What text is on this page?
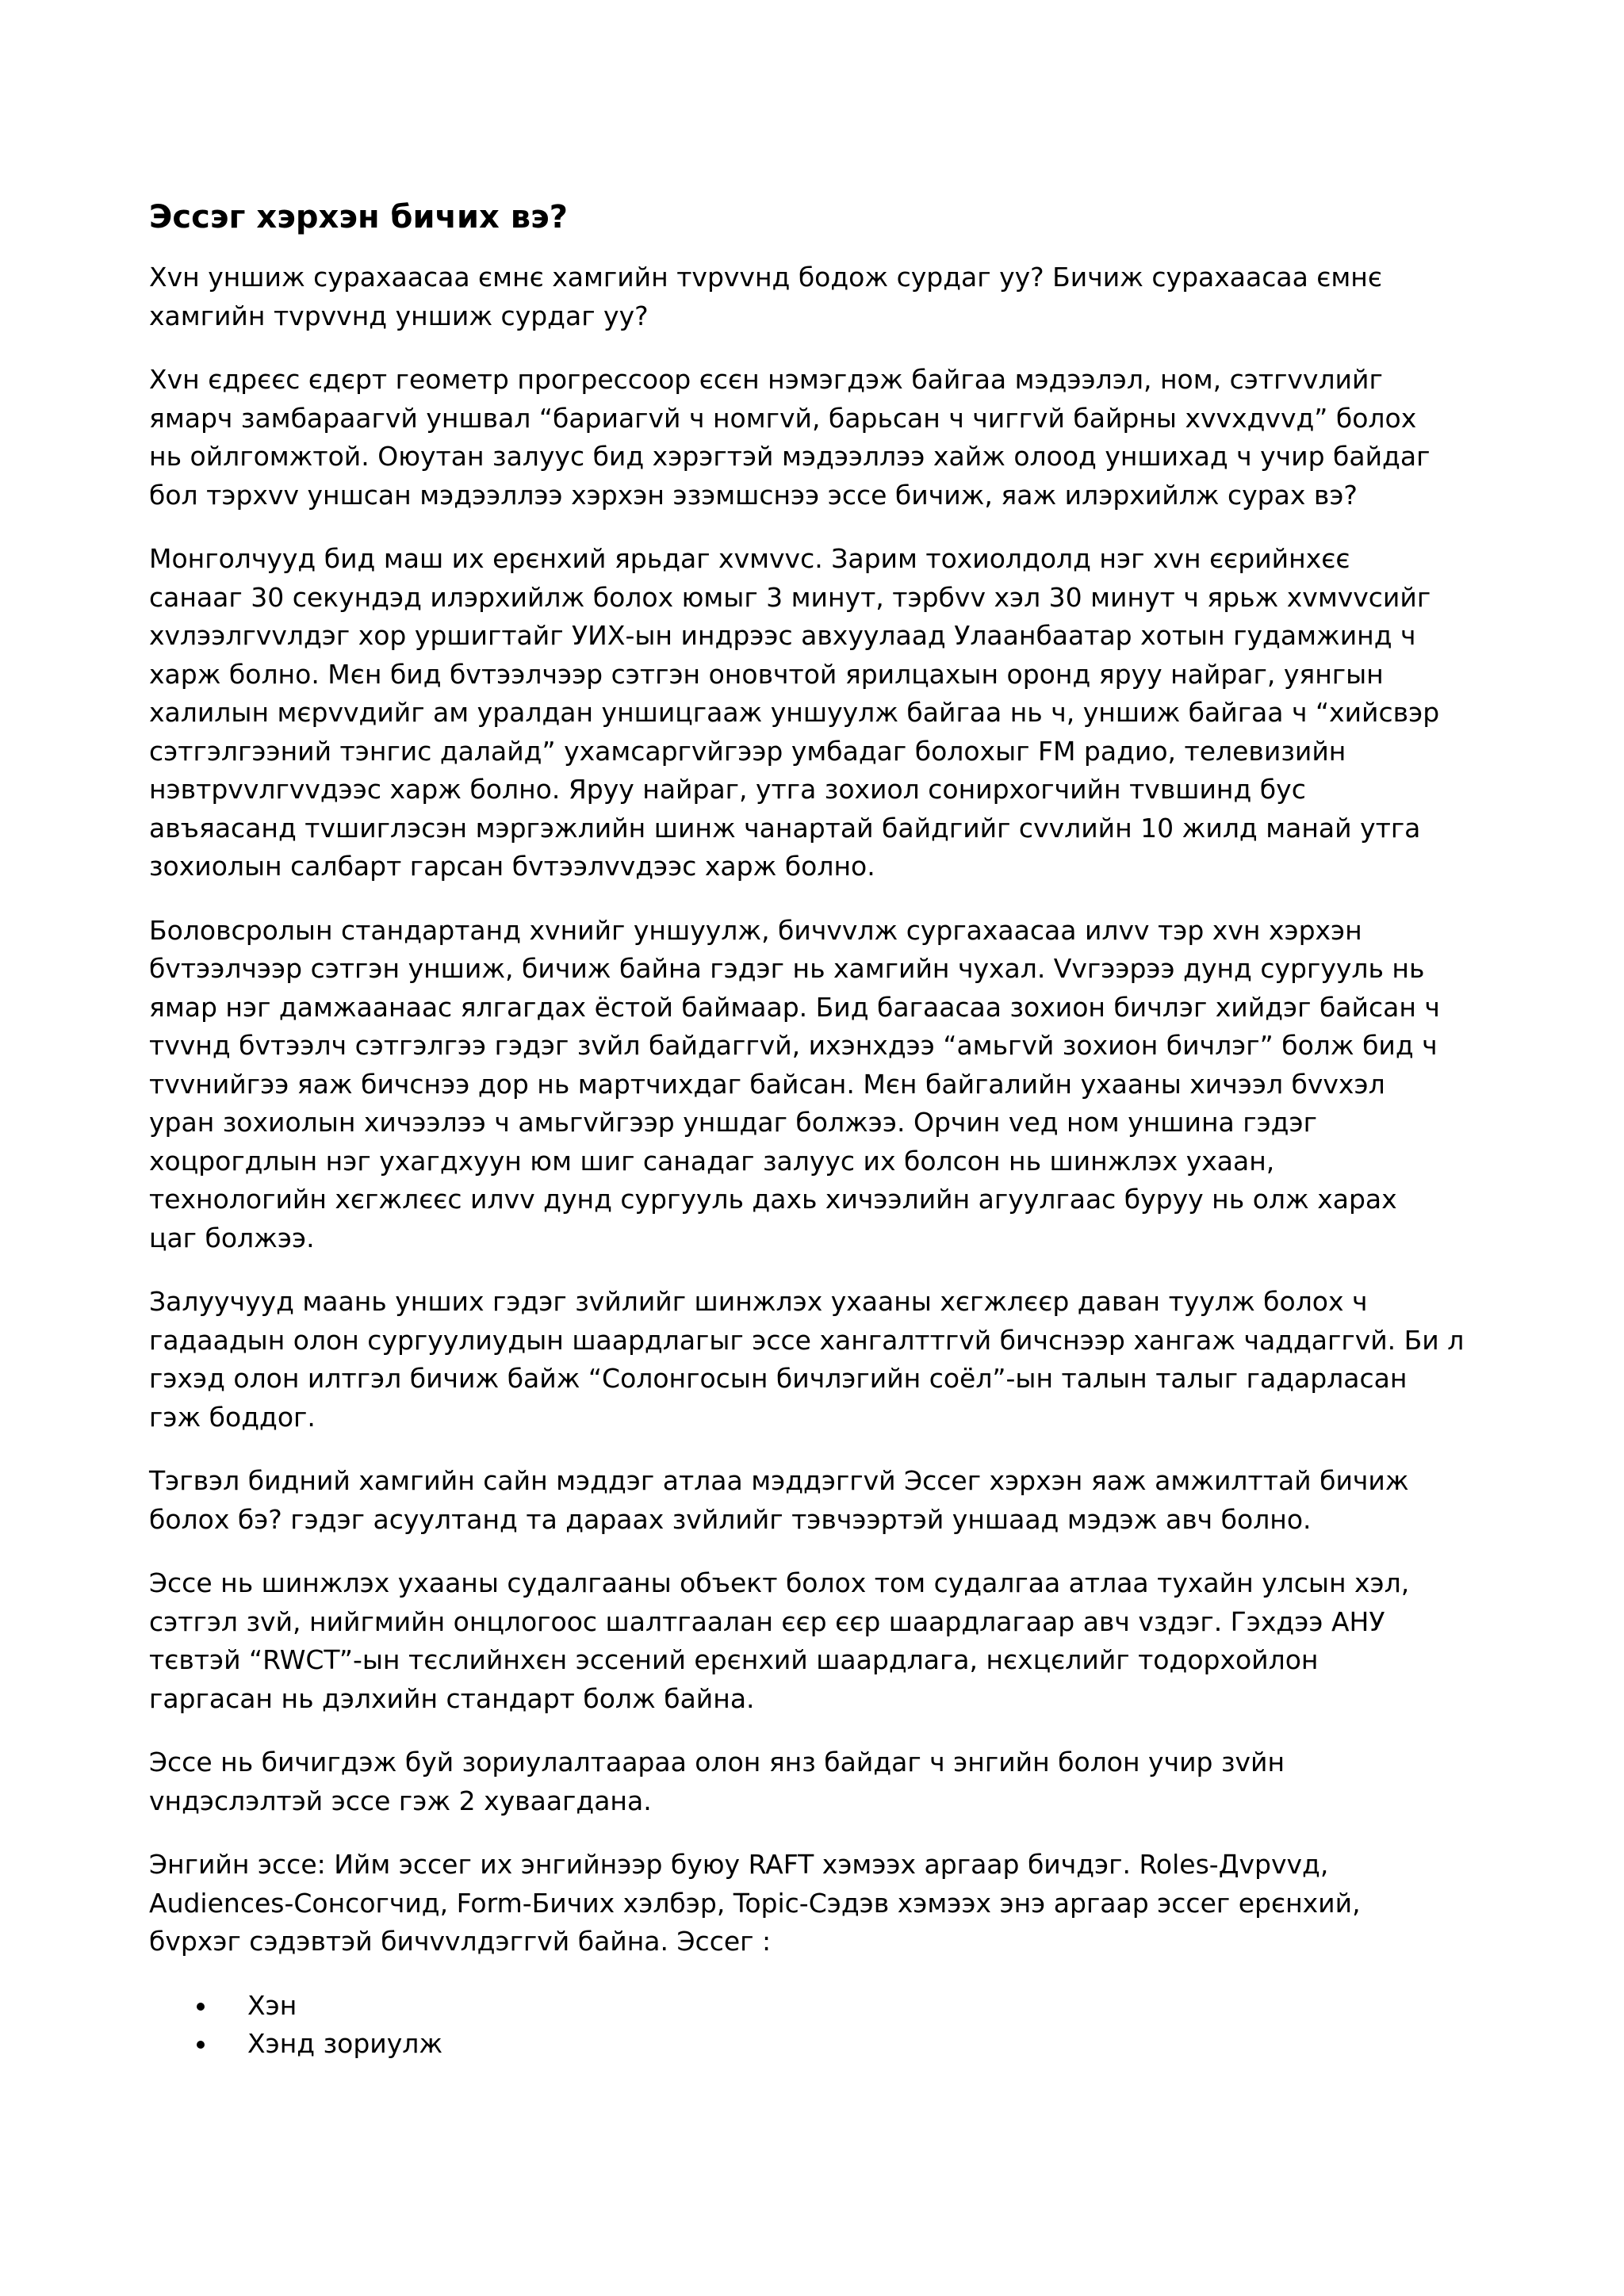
Эссэг хэрхэн бичих вэ?

Хvн уншиж сурахаасаа ємнє хамгийн тvрvvнд бодож сурдаг уу? Бичиж сурахаасаа ємнє
хамгийн тvрvvнд уншиж сурдаг уу?

Хvн єдрєєс єдєрт геометр прогрессоор єсєн нэмэгдэж байгаа мэдээлэл, ном, сэтгvvлийг
ямарч замбараагvй уншвал “бариагvй ч номгvй, барьсан ч чиггvй байрны хvvхдvvд” болох
нь ойлгомжтой. Оюутан залуус бид хэрэгтэй мэдээллээ хайж олоод уншихад ч учир байдаг
бол тэрхvv уншсан мэдээллээ хэрхэн эзэмшснээ эссе бичиж, яаж илэрхийлж сурах вэ?

Монголчууд бид маш их ерєнхий ярьдаг хvмvvс. Зарим тохиолдолд нэг хvн єєрийнхєє
санааг 30 секундэд илэрхийлж болох юмыг 3 минут, тэрбvv хэл 30 минут ч ярьж хvмvvсийг
хvлээлгvvлдэг хор уршигтайг УИХ-ын индрээс авхуулаад Улаанбаатар хотын гудамжинд ч
харж болно. Мєн бид бvтээлчээр сэтгэн оновчтой ярилцахын оронд яруу найраг, уянгын
халилын мєрvvдийг ам уралдан уншицгааж уншуулж байгаа нь ч, уншиж байгаа ч “хийсвэр
сэтгэлгээний тэнгис далайд” ухамсаргvйгээр умбадаг болохыг FM радио, телевизийн
нэвтрvvлгvvдээс харж болно. Яруу найраг, утга зохиол сонирхогчийн тvвшинд бус
авъяасанд тvшиглэсэн мэргэжлийн шинж чанартай байдгийг сvvлийн 10 жилд манай утга
зохиолын салбарт гарсан бvтээлvvдээс харж болно.

Боловсролын стандартанд хvнийг уншуулж, бичvvлж сургахаасаа илvv тэр хvн хэрхэн
бvтээлчээр сэтгэн уншиж, бичиж байна гэдэг нь хамгийн чухал. Vvгээрээ дунд сургууль нь
ямар нэг дамжаанаас ялгагдах ёстой баймаар. Бид багаасаа зохион бичлэг хийдэг байсан ч
тvvнд бvтээлч сэтгэлгээ гэдэг зvйл байдаггvй, ихэнхдээ “амьгvй зохион бичлэг” болж бид ч
тvvнийгээ яаж бичснээ дор нь мартчихдаг байсан. Мєн байгалийн ухааны хичээл бvvхэл
уран зохиолын хичээлээ ч амьгvйгээр уншдаг болжээ. Орчин vед ном уншина гэдэг
хоцрогдлын нэг ухагдхуун юм шиг санадаг залуус их болсон нь шинжлэх ухаан,
технологийн хєгжлєєс илvv дунд сургууль дахь хичээлийн агуулгаас буруу нь олж харах
цаг болжээ.

Залуучууд маань унших гэдэг зvйлийг шинжлэх ухааны хєгжлєєр даван туулж болох ч
гадаадын олон сургуулиудын шаардлагыг эссе хангалттгvй бичснээр хангаж чаддаггvй. Би л
гэхэд олон илтгэл бичиж байж “Солонгосын бичлэгийн соёл”-ын талын талыг гадарласан
гэж боддог.

Тэгвэл бидний хамгийн сайн мэддэг атлаа мэддэггvй Эссег хэрхэн яаж амжилттай бичиж
болох бэ? гэдэг асуултанд та дараах зvйлийг тэвчээртэй уншаад мэдэж авч болно.

Эссе нь шинжлэх ухааны судалгааны объект болох том судалгаа атлаа тухайн улсын хэл,
сэтгэл зvй, нийгмийн онцлогоос шалтгаалан єєр єєр шаардлагаар авч vздэг. Гэхдээ АНУ
тєвтэй “RWCT”-ын тєслийнхєн эссений ерєнхий шаардлага, нєхцєлийг тодорхойлон
гаргасан нь дэлхийн стандарт болж байна.

Эссе нь бичигдэж буй зориулалтаараа олон янз байдаг ч энгийн болон учир зvйн
vндэслэлтэй эссе гэж 2 хуваагдана.

Энгийн эссе: Ийм эссег их энгийнээр буюу RAFT хэмээх аргаар бичдэг. Roles-Дvрvvд,
Audiences-Сонсогчид, Form-Бичих хэлбэр, Topic-Сэдэв хэмээх энэ аргаар эссег ерєнхий,
бvрхэг сэдэвтэй бичvvлдэггvй байна. Эссег :

Хэн
Хэнд зориулж
